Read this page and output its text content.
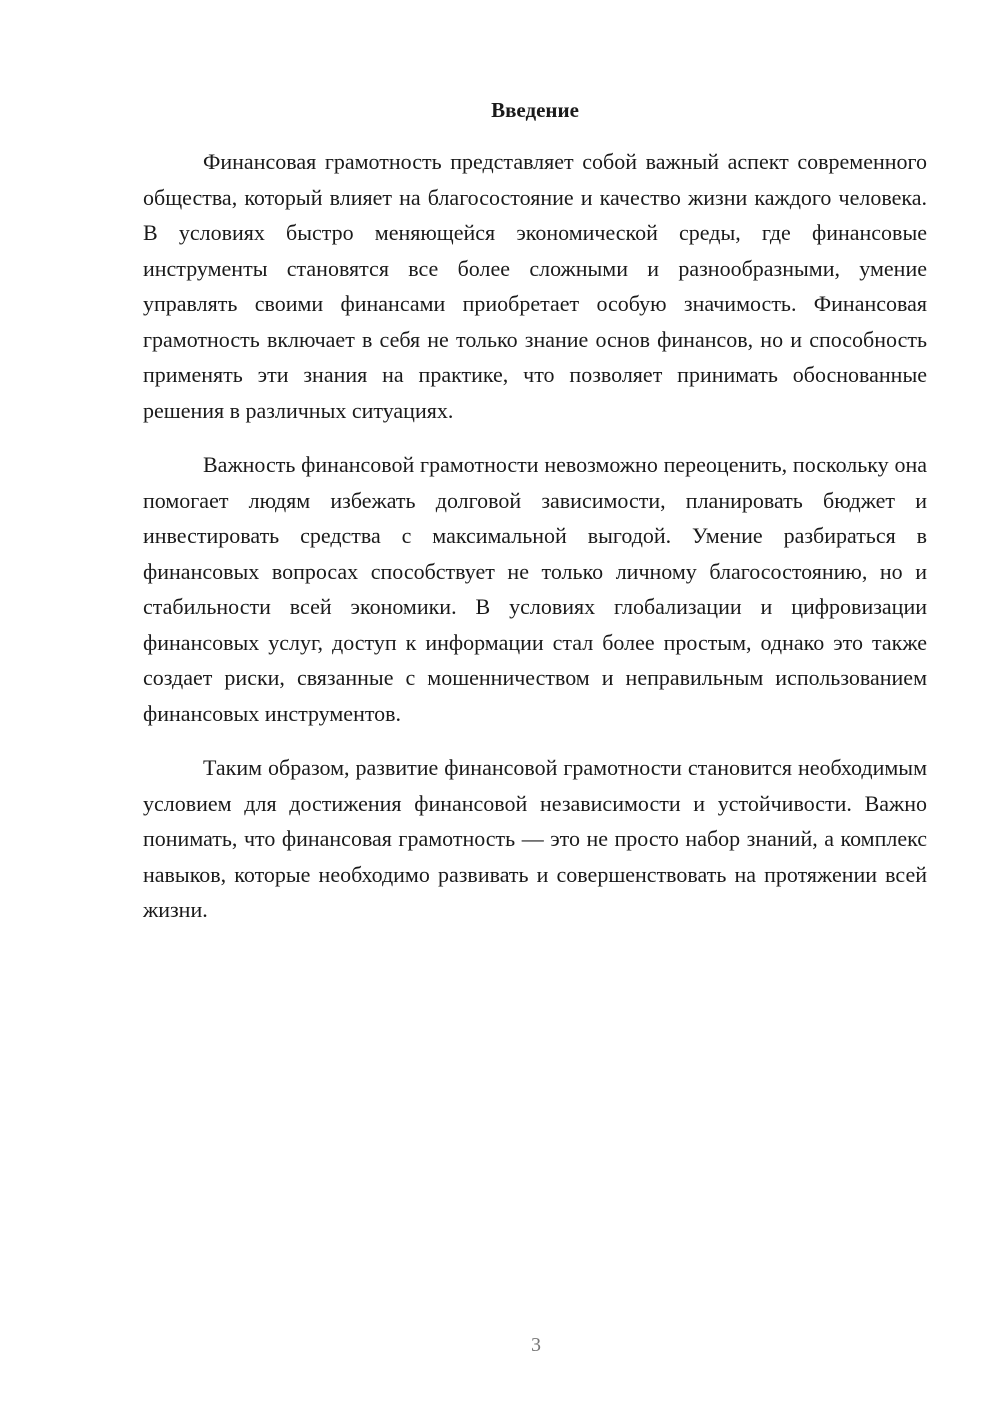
Введение

Финансовая грамотность представляет собой важный аспект современного общества, который влияет на благосостояние и качество жизни каждого человека. В условиях быстро меняющейся экономической среды, где финансовые инструменты становятся все более сложными и разнообразными, умение управлять своими финансами приобретает особую значимость. Финансовая грамотность включает в себя не только знание основ финансов, но и способность применять эти знания на практике, что позволяет принимать обоснованные решения в различных ситуациях.

Важность финансовой грамотности невозможно переоценить, поскольку она помогает людям избежать долговой зависимости, планировать бюджет и инвестировать средства с максимальной выгодой. Умение разбираться в финансовых вопросах способствует не только личному благосостоянию, но и стабильности всей экономики. В условиях глобализации и цифровизации финансовых услуг, доступ к информации стал более простым, однако это также создает риски, связанные с мошенничеством и неправильным использованием финансовых инструментов.

Таким образом, развитие финансовой грамотности становится необходимым условием для достижения финансовой независимости и устойчивости. Важно понимать, что финансовая грамотность — это не просто набор знаний, а комплекс навыков, которые необходимо развивать и совершенствовать на протяжении всей жизни.

3
